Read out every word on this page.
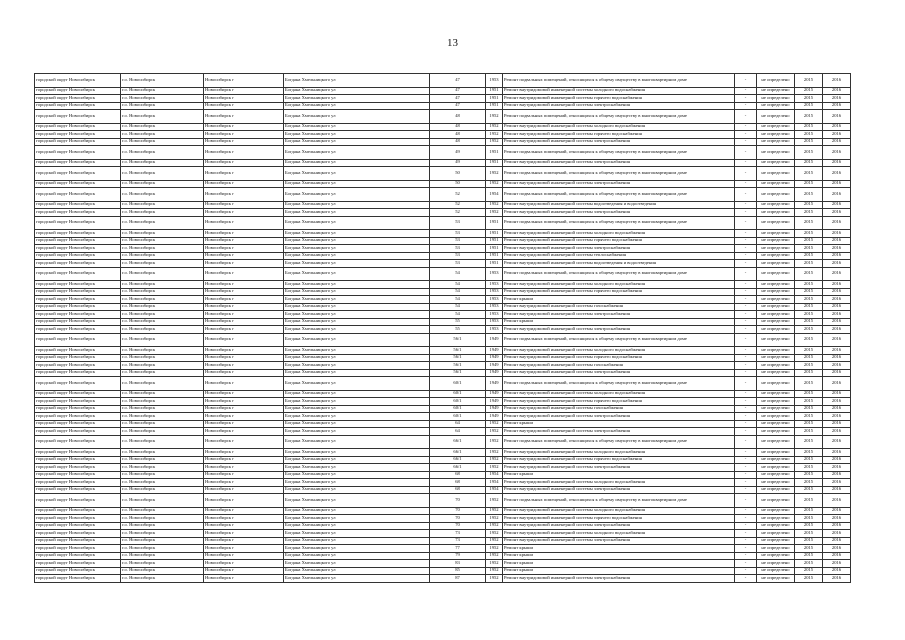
13
городской округ Новосибирск	г.о. Новосибирск	Новосибирск г	Богдана Хмельницкого ул	47	1953	Ремонт подвальных помещений, относящихся к общему имуществу в многоквартирном доме	-	не определено	2015	2016
городской округ Новосибирск	г.о. Новосибирск	Новосибирск г	Богдана Хмельницкого ул	47	1951	Ремонт внутридомовой инженерной системы холодного водоснабжения	-	не определено	2015	2016
городской округ Новосибирск	г.о. Новосибирск	Новосибирск г	Богдана Хмельницкого ул	47	1951	Ремонт внутридомовой инженерной системы горячего водоснабжения	-	не определено	2015	2016
городской округ Новосибирск	г.о. Новосибирск	Новосибирск г	Богдана Хмельницкого ул	47	1951	Ремонт внутридомовой инженерной системы электроснабжения	-	не определено	2015	2016
городской округ Новосибирск	г.о. Новосибирск	Новосибирск г	Богдана Хмельницкого ул	48	1952	Ремонт подвальных помещений, относящихся к общему имуществу в многоквартирном доме	-	не определено	2015	2016
городской округ Новосибирск	г.о. Новосибирск	Новосибирск г	Богдана Хмельницкого ул	48	1952	Ремонт внутридомовой инженерной системы холодного водоснабжения	-	не определено	2015	2016
городской округ Новосибирск	г.о. Новосибирск	Новосибирск г	Богдана Хмельницкого ул	48	1952	Ремонт внутридомовой инженерной системы горячего водоснабжения	-	не определено	2015	2016
городской округ Новосибирск	г.о. Новосибирск	Новосибирск г	Богдана Хмельницкого ул	48	1952	Ремонт внутридомовой инженерной системы электроснабжения	-	не определено	2015	2016
городской округ Новосибирск	г.о. Новосибирск	Новосибирск г	Богдана Хмельницкого ул	49	1951	Ремонт подвальных помещений, относящихся к общему имуществу в многоквартирном доме	-	не определено	2015	2016
городской округ Новосибирск	г.о. Новосибирск	Новосибирск г	Богдана Хмельницкого ул	49	1951	Ремонт внутридомовой инженерной системы электроснабжения	-	не определено	2015	2016
городской округ Новосибирск	г.о. Новосибирск	Новосибирск г	Богдана Хмельницкого ул	50	1952	Ремонт подвальных помещений, относящихся к общему имуществу в многоквартирном доме	-	не определено	2015	2016
городской округ Новосибирск	г.о. Новосибирск	Новосибирск г	Богдана Хмельницкого ул	50	1952	Ремонт внутридомовой инженерной системы электроснабжения	-	не определено	2015	2016
городской округ Новосибирск	г.о. Новосибирск	Новосибирск г	Богдана Хмельницкого ул	52	1954	Ремонт подвальных помещений, относящихся к общему имуществу в многоквартирном доме	-	не определено	2015	2016
городской округ Новосибирск	г.о. Новосибирск	Новосибирск г	Богдана Хмельницкого ул	52	1952	Ремонт внутридомовой инженерной системы водоотведения и водоотведения	-	не определено	2015	2016
городской округ Новосибирск	г.о. Новосибирск	Новосибирск г	Богдана Хмельницкого ул	52	1952	Ремонт внутридомовой инженерной системы электроснабжения	-	не определено	2015	2016
городской округ Новосибирск	г.о. Новосибирск	Новосибирск г	Богдана Хмельницкого ул	53	1951	Ремонт подвальных помещений, относящихся к общему имуществу в многоквартирном доме	-	не определено	2015	2016
городской округ Новосибирск	г.о. Новосибирск	Новосибирск г	Богдана Хмельницкого ул	53	1951	Ремонт внутридомовой инженерной системы холодного водоснабжения	-	не определено	2015	2016
городской округ Новосибирск	г.о. Новосибирск	Новосибирск г	Богдана Хмельницкого ул	53	1951	Ремонт внутридомовой инженерной системы горячего водоснабжения	-	не определено	2015	2016
городской округ Новосибирск	г.о. Новосибирск	Новосибирск г	Богдана Хмельницкого ул	53	1951	Ремонт внутридомовой инженерной системы электроснабжения	-	не определено	2015	2016
городской округ Новосибирск	г.о. Новосибирск	Новосибирск г	Богдана Хмельницкого ул	53	1951	Ремонт внутридомовой инженерной системы теплоснабжения	-	не определено	2015	2016
городской округ Новосибирск	г.о. Новосибирск	Новосибирск г	Богдана Хмельницкого ул	53	1951	Ремонт внутридомовой инженерной системы водоотведения и водоотведения	-	не определено	2015	2016
городской округ Новосибирск	г.о. Новосибирск	Новосибирск г	Богдана Хмельницкого ул	54	1953	Ремонт подвальных помещений, относящихся к общему имуществу в многоквартирном доме	-	не определено	2015	2016
городской округ Новосибирск	г.о. Новосибирск	Новосибирск г	Богдана Хмельницкого ул	54	1953	Ремонт внутридомовой инженерной системы холодного водоснабжения	-	не определено	2015	2016
городской округ Новосибирск	г.о. Новосибирск	Новосибирск г	Богдана Хмельницкого ул	54	1953	Ремонт внутридомовой инженерной системы горячего водоснабжения	-	не определено	2015	2016
городской округ Новосибирск	г.о. Новосибирск	Новосибирск г	Богдана Хмельницкого ул	54	1953	Ремонт крыши	-	не определено	2015	2016
городской округ Новосибирск	г.о. Новосибирск	Новосибирск г	Богдана Хмельницкого ул	54	1953	Ремонт внутридомовой инженерной системы газоснабжения	-	не определено	2015	2016
городской округ Новосибирск	г.о. Новосибирск	Новосибирск г	Богдана Хмельницкого ул	54	1953	Ремонт внутридомовой инженерной системы электроснабжения	-	не определено	2015	2016
городской округ Новосибирск	г.о. Новосибирск	Новосибирск г	Богдана Хмельницкого ул	55	1953	Ремонт крыши	-	не определено	2015	2016
городской округ Новосибирск	г.о. Новосибирск	Новосибирск г	Богдана Хмельницкого ул	55	1953	Ремонт внутридомовой инженерной системы электроснабжения	-	не определено	2015	2016
городской округ Новосибирск	г.о. Новосибирск	Новосибирск г	Богдана Хмельницкого ул	56/1	1949	Ремонт подвальных помещений, относящихся к общему имуществу в многоквартирном доме	-	не определено	2015	2016
городской округ Новосибирск	г.о. Новосибирск	Новосибирск г	Богдана Хмельницкого ул	56/1	1949	Ремонт внутридомовой инженерной системы холодного водоснабжения	-	не определено	2015	2016
городской округ Новосибирск	г.о. Новосибирск	Новосибирск г	Богдана Хмельницкого ул	56/1	1949	Ремонт внутридомовой инженерной системы горячего водоснабжения	-	не определено	2015	2016
городской округ Новосибирск	г.о. Новосибирск	Новосибирск г	Богдана Хмельницкого ул	56/1	1949	Ремонт внутридомовой инженерной системы газоснабжения	-	не определено	2015	2016
городской округ Новосибирск	г.о. Новосибирск	Новосибирск г	Богдана Хмельницкого ул	56/1	1949	Ремонт внутридомовой инженерной системы электроснабжения	-	не определено	2015	2016
городской округ Новосибирск	г.о. Новосибирск	Новосибирск г	Богдана Хмельницкого ул	60/1	1949	Ремонт подвальных помещений, относящихся к общему имуществу в многоквартирном доме	-	не определено	2015	2016
городской округ Новосибирск	г.о. Новосибирск	Новосибирск г	Богдана Хмельницкого ул	60/1	1949	Ремонт внутридомовой инженерной системы холодного водоснабжения	-	не определено	2015	2016
городской округ Новосибирск	г.о. Новосибирск	Новосибирск г	Богдана Хмельницкого ул	60/1	1949	Ремонт внутридомовой инженерной системы горячего водоснабжения	-	не определено	2015	2016
городской округ Новосибирск	г.о. Новосибирск	Новосибирск г	Богдана Хмельницкого ул	60/1	1949	Ремонт внутридомовой инженерной системы газоснабжения	-	не определено	2015	2016
городской округ Новосибирск	г.о. Новосибирск	Новосибирск г	Богдана Хмельницкого ул	60/1	1949	Ремонт внутридомовой инженерной системы электроснабжения	-	не определено	2015	2016
городской округ Новосибирск	г.о. Новосибирск	Новосибирск г	Богдана Хмельницкого ул	64	1952	Ремонт крыши	-	не определено	2015	2016
городской округ Новосибирск	г.о. Новосибирск	Новосибирск г	Богдана Хмельницкого ул	64	1952	Ремонт внутридомовой инженерной системы электроснабжения	-	не определено	2015	2016
городской округ Новосибирск	г.о. Новосибирск	Новосибирск г	Богдана Хмельницкого ул	66/1	1952	Ремонт подвальных помещений, относящихся к общему имуществу в многоквартирном доме	-	не определено	2015	2016
городской округ Новосибирск	г.о. Новосибирск	Новосибирск г	Богдана Хмельницкого ул	66/1	1952	Ремонт внутридомовой инженерной системы холодного водоснабжения	-	не определено	2015	2016
городской округ Новосибирск	г.о. Новосибирск	Новосибирск г	Богдана Хмельницкого ул	66/1	1952	Ремонт внутридомовой инженерной системы горячего водоснабжения	-	не определено	2015	2016
городской округ Новосибирск	г.о. Новосибирск	Новосибирск г	Богдана Хмельницкого ул	66/1	1952	Ремонт внутридомовой инженерной системы электроснабжения	-	не определено	2015	2016
городской округ Новосибирск	г.о. Новосибирск	Новосибирск г	Богдана Хмельницкого ул	68	1954	Ремонт крыши	-	не определено	2015	2016
городской округ Новосибирск	г.о. Новосибирск	Новосибирск г	Богдана Хмельницкого ул	68	1954	Ремонт внутридомовой инженерной системы холодного водоснабжения	-	не определено	2015	2016
городской округ Новосибирск	г.о. Новосибирск	Новосибирск г	Богдана Хмельницкого ул	68	1954	Ремонт внутридомовой инженерной системы электроснабжения	-	не определено	2015	2016
городской округ Новосибирск	г.о. Новосибирск	Новосибирск г	Богдана Хмельницкого ул	70	1952	Ремонт подвальных помещений, относящихся к общему имуществу в многоквартирном доме	-	не определено	2015	2016
городской округ Новосибирск	г.о. Новосибирск	Новосибирск г	Богдана Хмельницкого ул	70	1952	Ремонт внутридомовой инженерной системы холодного водоснабжения	-	не определено	2015	2016
городской округ Новосибирск	г.о. Новосибирск	Новосибирск г	Богдана Хмельницкого ул	70	1952	Ремонт внутридомовой инженерной системы горячего водоснабжения	-	не определено	2015	2016
городской округ Новосибирск	г.о. Новосибирск	Новосибирск г	Богдана Хмельницкого ул	70	1952	Ремонт внутридомовой инженерной системы электроснабжения	-	не определено	2015	2016
городской округ Новосибирск	г.о. Новосибирск	Новосибирск г	Богдана Хмельницкого ул	73	1952	Ремонт внутридомовой инженерной системы холодного водоснабжения	-	не определено	2015	2016
городской округ Новосибирск	г.о. Новосибирск	Новосибирск г	Богдана Хмельницкого ул	73	1952	Ремонт внутридомовой инженерной системы электроснабжения	-	не определено	2015	2016
городской округ Новосибирск	г.о. Новосибирск	Новосибирск г	Богдана Хмельницкого ул	77	1952	Ремонт крыши	-	не определено	2015	2016
городской округ Новосибирск	г.о. Новосибирск	Новосибирск г	Богдана Хмельницкого ул	79	1952	Ремонт крыши	-	не определено	2015	2016
городской округ Новосибирск	г.о. Новосибирск	Новосибирск г	Богдана Хмельницкого ул	83	1952	Ремонт крыши	-	не определено	2015	2016
городской округ Новосибирск	г.о. Новосибирск	Новосибирск г	Богдана Хмельницкого ул	85	1952	Ремонт крыши	-	не определено	2015	2016
городской округ Новосибирск	г.о. Новосибирск	Новосибирск г	Богдана Хмельницкого ул	87	1952	Ремонт внутридомовой инженерной системы электроснабжения	-	не определено	2015	2016
